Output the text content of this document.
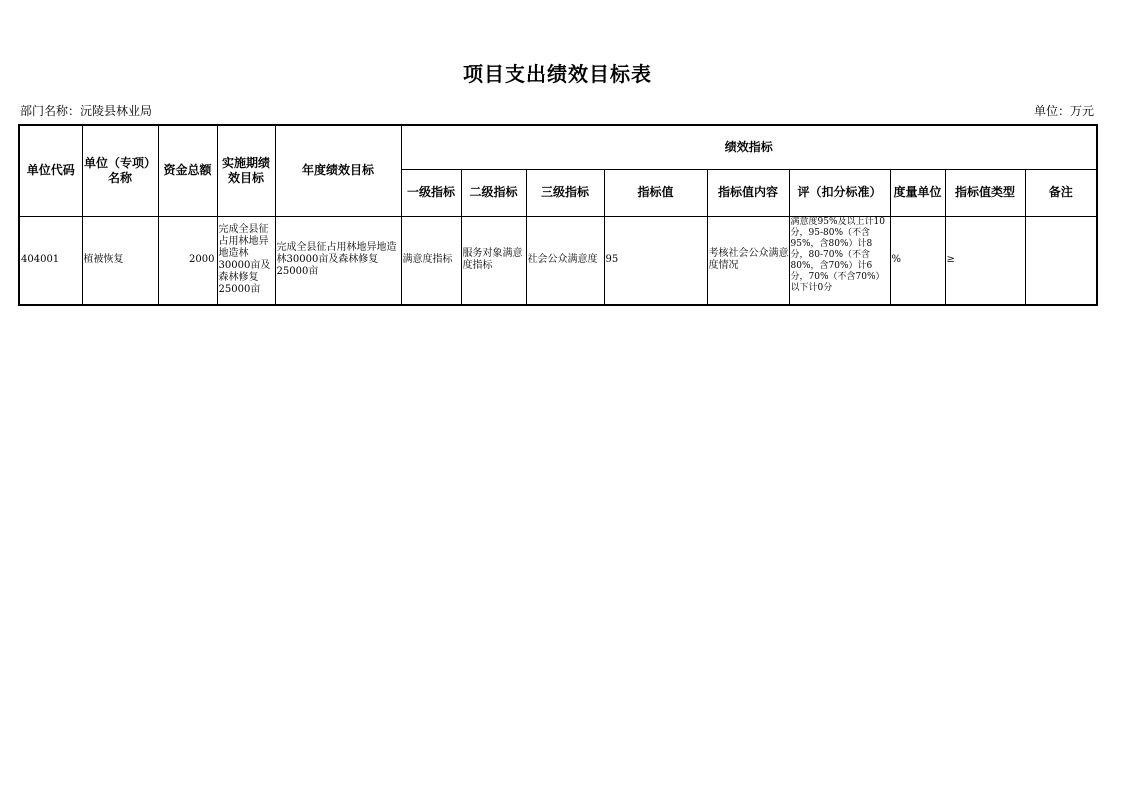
项目支出绩效目标表
部门名称：沅陵县林业局	单位：万元
单位代码	单位（专项）名称	资金总额	实施期绩效目标	年度绩效目标	绩效指标								
					一级指标	二级指标	三级指标	指标值	指标值内容	评（扣分标准）	度量单位	指标值类型	备注
404001	植被恢复	2000	完成全县征占用林地异地造林30000亩及森林修复25000亩	完成全县征占用林地异地造林30000亩及森林修复25000亩	满意度指标	服务对象满意度指标	社会公众满意度	95	考核社会公众满意度情况	满意度95%及以上计10分，95-80%（不含95%，含80%）计8分，80-70%（不含80%，含70%）计6分，70%（不含70%）以下计0分	%	≥	
